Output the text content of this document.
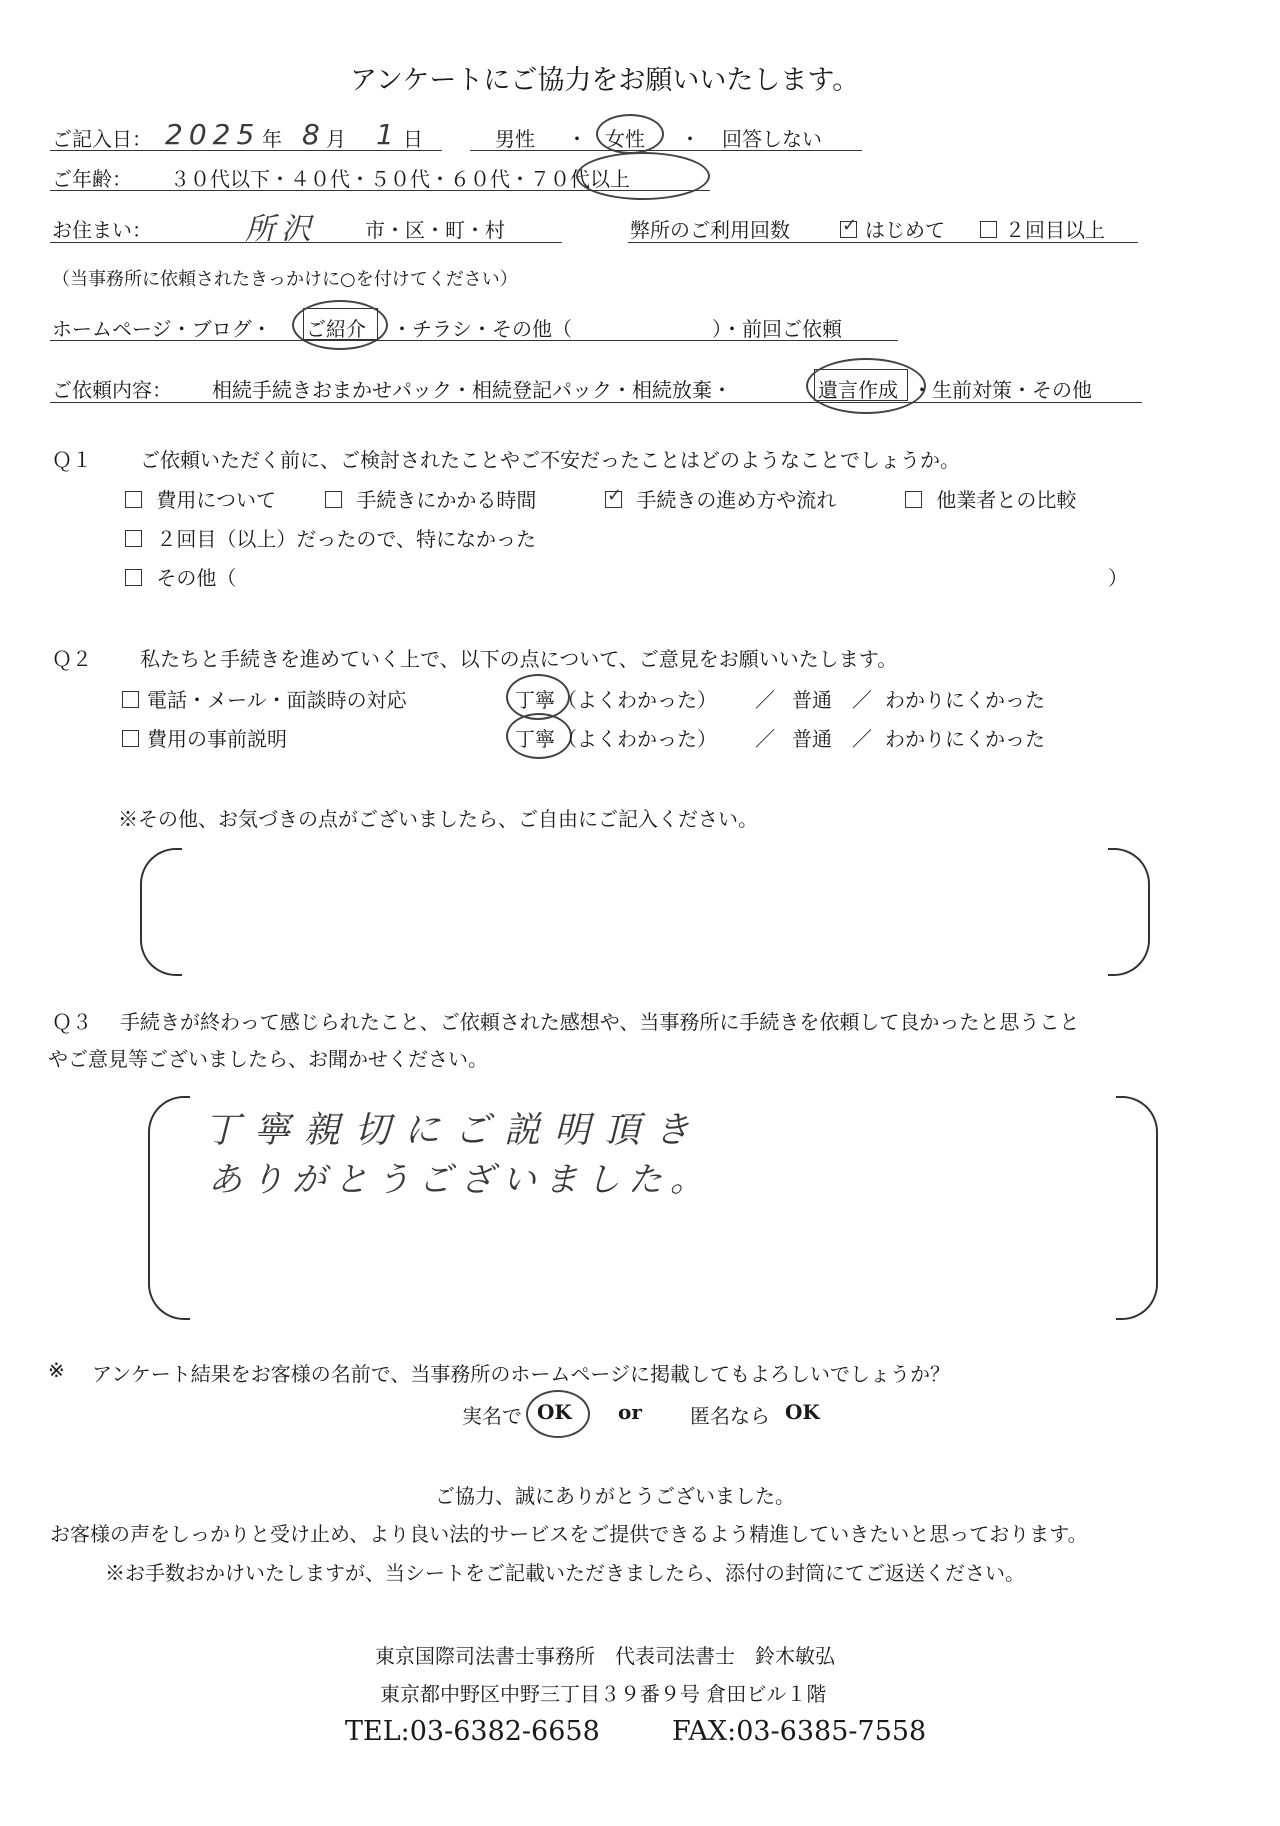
アンケートにご協力をお願いいたします。
ご記入日： 2025 年 8 月 1 日	男性 ・ 女性 ・ 回答しない
ご年齢： ３０代以下・４０代・５０代・６０代・７０代以上
お住まい：	所沢 市・区・町・村	弊所のご利用回数	✓ はじめて	２回目以上
（当事務所に依頼されたきっかけに○を付けてください）
ホームページ・ブログ・ ご紹介 ・チラシ・その他（　　　　　　　）・前回ご依頼
ご依頼内容： 相続手続きおまかせパック・相続登記パック・相続放棄・	遺言作成 ・生前対策・その他
Ｑ１ ご依頼いただく前に、ご検討されたことやご不安だったことはどのようなことでしょうか。
費用について	手続きにかかる時間	✓ 手続きの進め方や流れ	他業者との比較
２回目（以上）だったので、特になかった
その他（	）
Ｑ２ 私たちと手続きを進めていく上で、以下の点について、ご意見をお願いいたします。
電話・メール・面談時の対応	丁寧 （よくわかった） ／ 普通 ／ わかりにくかった
費用の事前説明	丁寧 （よくわかった） ／ 普通 ／ わかりにくかった
※その他、お気づきの点がございましたら、ご自由にご記入ください。
Ｑ３ 手続きが終わって感じられたこと、ご依頼された感想や、当事務所に手続きを依頼して良かったと思うこと
やご意見等ございましたら、お聞かせください。
丁寧親切にご説明頂き
ありがとうございました。
※ アンケート結果をお客様の名前で、当事務所のホームページに掲載してもよろしいでしょうか？
実名で OK or 匿名なら OK
ご協力、誠にありがとうございました。
お客様の声をしっかりと受け止め、より良い法的サービスをご提供できるよう精進していきたいと思っております。
※お手数おかけいたしますが、当シートをご記載いただきましたら、添付の封筒にてご返送ください。
東京国際司法書士事務所　代表司法書士　鈴木敏弘
東京都中野区中野三丁目３９番９号 倉田ビル１階
TEL:03-6382-6658	FAX:03-6385-7558
